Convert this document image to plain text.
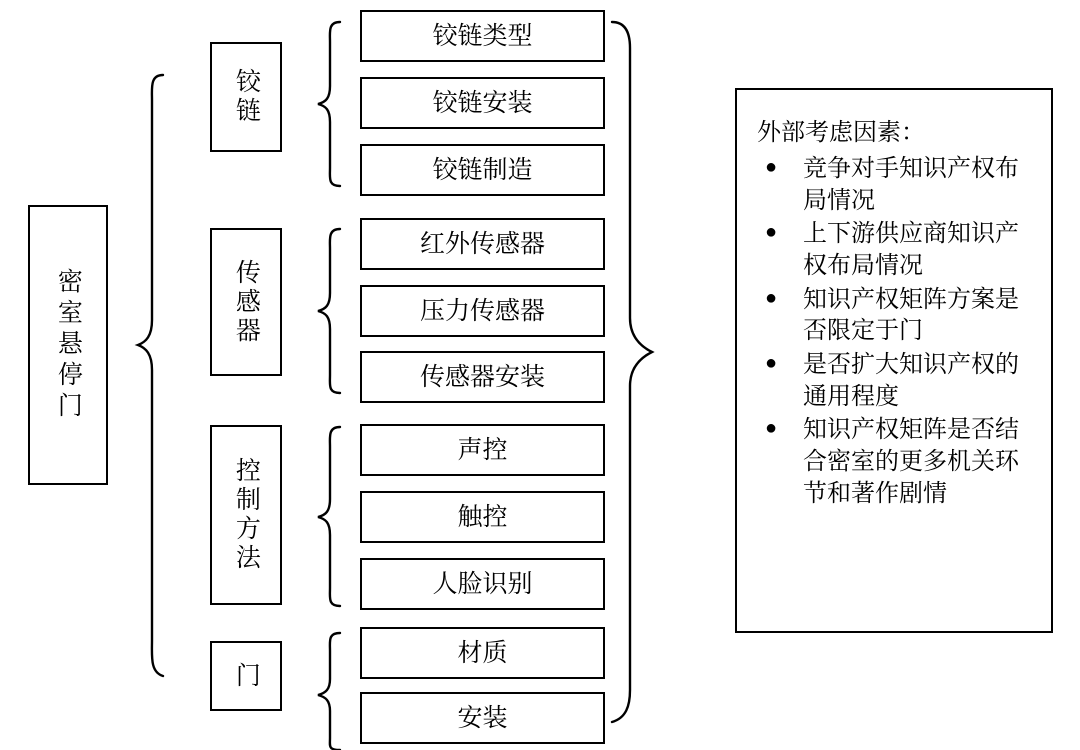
密室悬停门
铰链
传感器
控制方法
门
铰链类型
铰链安装
铰链制造
红外传感器
压力传感器
传感器安装
声控
触控
人脸识别
材质
安装
外部考虑因素：
● 竞争对手知识产权布局情况
● 上下游供应商知识产权布局情况
● 知识产权矩阵方案是否限定于门
● 是否扩大知识产权的通用程度
● 知识产权矩阵是否结合密室的更多机关环节和著作剧情
